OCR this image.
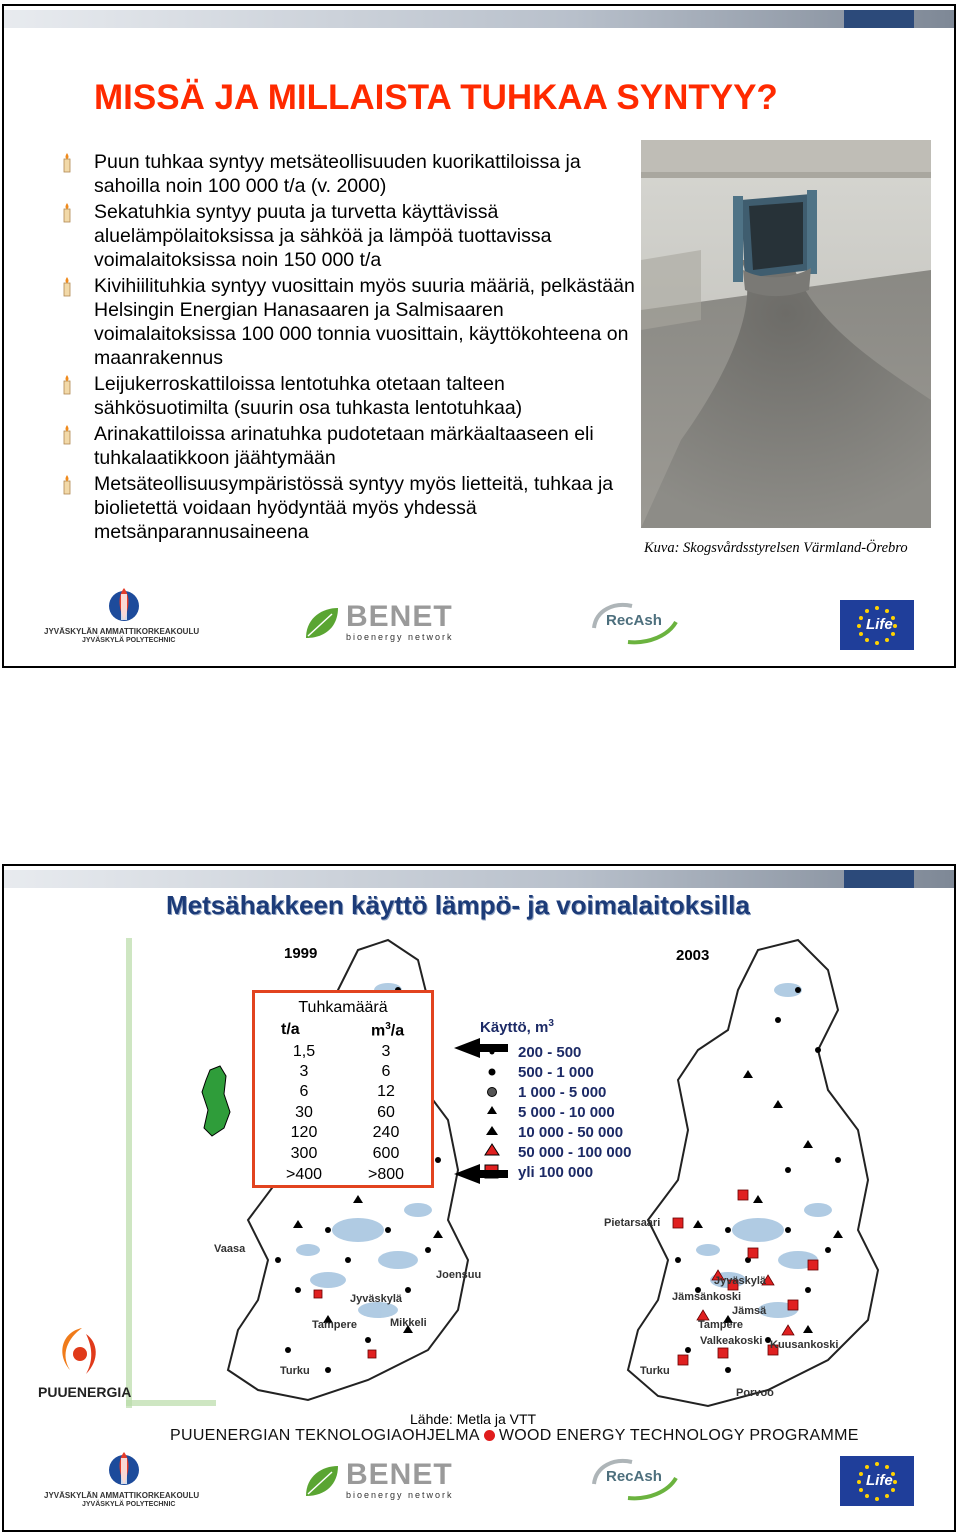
MISSÄ JA MILLAISTA TUHKAA SYNTYY?
Puun tuhkaa syntyy metsäteollisuuden kuorikattiloissa ja sahoilla noin 100 000 t/a (v. 2000)
Sekatuhkia syntyy puuta ja turvetta käyttävissä aluelämpölaitoksissa ja sähköä ja lämpöä tuottavissa voimalaitoksissa noin 150 000 t/a
Kivihiilituhkia syntyy vuosittain myös suuria määriä, pelkästään Helsingin Energian Hanasaaren ja Salmisaaren voimalaitoksissa 100 000 tonnia vuosittain, käyttökohteena on maanrakennus
Leijukerroskattiloissa lentotuhka otetaan talteen sähkösuotimilta (suurin osa tuhkasta lentotuhkaa)
Arinakattiloissa arinatuhka pudotetaan märkäaltaaseen eli tuhkalaatikkoon jäähtymään
Metsäteollisuusympäristössä syntyy myös lietteitä, tuhkaa ja biolietettä voidaan hyödyntää myös yhdessä metsänparannusaineena
Kuva: Skogsvårdsstyrelsen Värmland-Örebro
JYVÄSKYLÄN AMMATTIKORKEAKOULU
JYVÄSKYLÄ POLYTECHNIC
BENET
bioenergy network
RecAsh	Life
Metsähakkeen käyttö lämpö- ja voimalaitoksilla
1999	2003
Käyttö, $m^3$
200 - 500
500 - 1 000
1 000 - 5 000
5 000 - 10 000
10 000 - 50 000
50 000 - 100 000
yli 100 000
Vaasa
Joensuu
Jyväskylä
Tampere	Mikkeli
Turku
Pietarsaari
Jyväskylä
Jämsänkoski
Jämsä
Tampere
Valkeakoski Kuusankoski
Turku
Porvoo
Tuhkamäärä
t/a	$m^3/a$
1,5	3
3	6
6	12
30	60
120	240
300	600
>400	>800
PUUENERGIA
Lähde: Metla ja VTT
PUUENERGIAN TEKNOLOGIAOHJELMA WOOD ENERGY TECHNOLOGY PROGRAMME
JYVÄSKYLÄN AMMATTIKORKEAKOULU
JYVÄSKYLÄ POLYTECHNIC
BENET
bioenergy network
RecAsh	Life
